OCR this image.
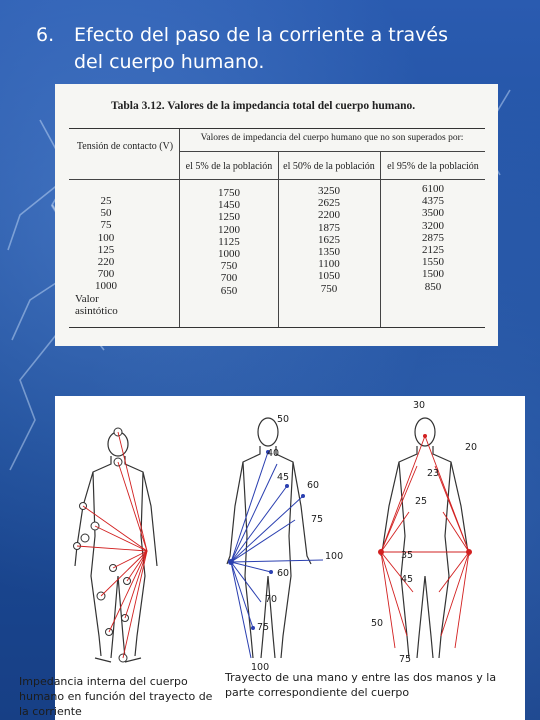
6. Efecto del paso de la corriente a través
del cuerpo humano.
Tabla 3.12. Valores de la impedancia total del cuerpo humano.
Tensión de contacto (V)
Valores de impedancia del cuerpo humano que no son superados por:
el 5% de la población	el 50% de la población	el 95% de la población
25
50
75
100
125
220
700
1000
Valor asintótico
1750
1450
1250
1200
1125
1000
750
700
650
3250
2625
2200
1875
1625
1350
1100
1050
750
6100
4375
3500
3200
2875
2125
1550
1500
850
50
40
45
60
75
100
60
70
75
100
30
20
23
25
35
45
50
75
Impedancia interna del cuerpo humano en función del trayecto de la corriente
Trayecto de una mano y entre las dos manos y la parte correspondiente del cuerpo
